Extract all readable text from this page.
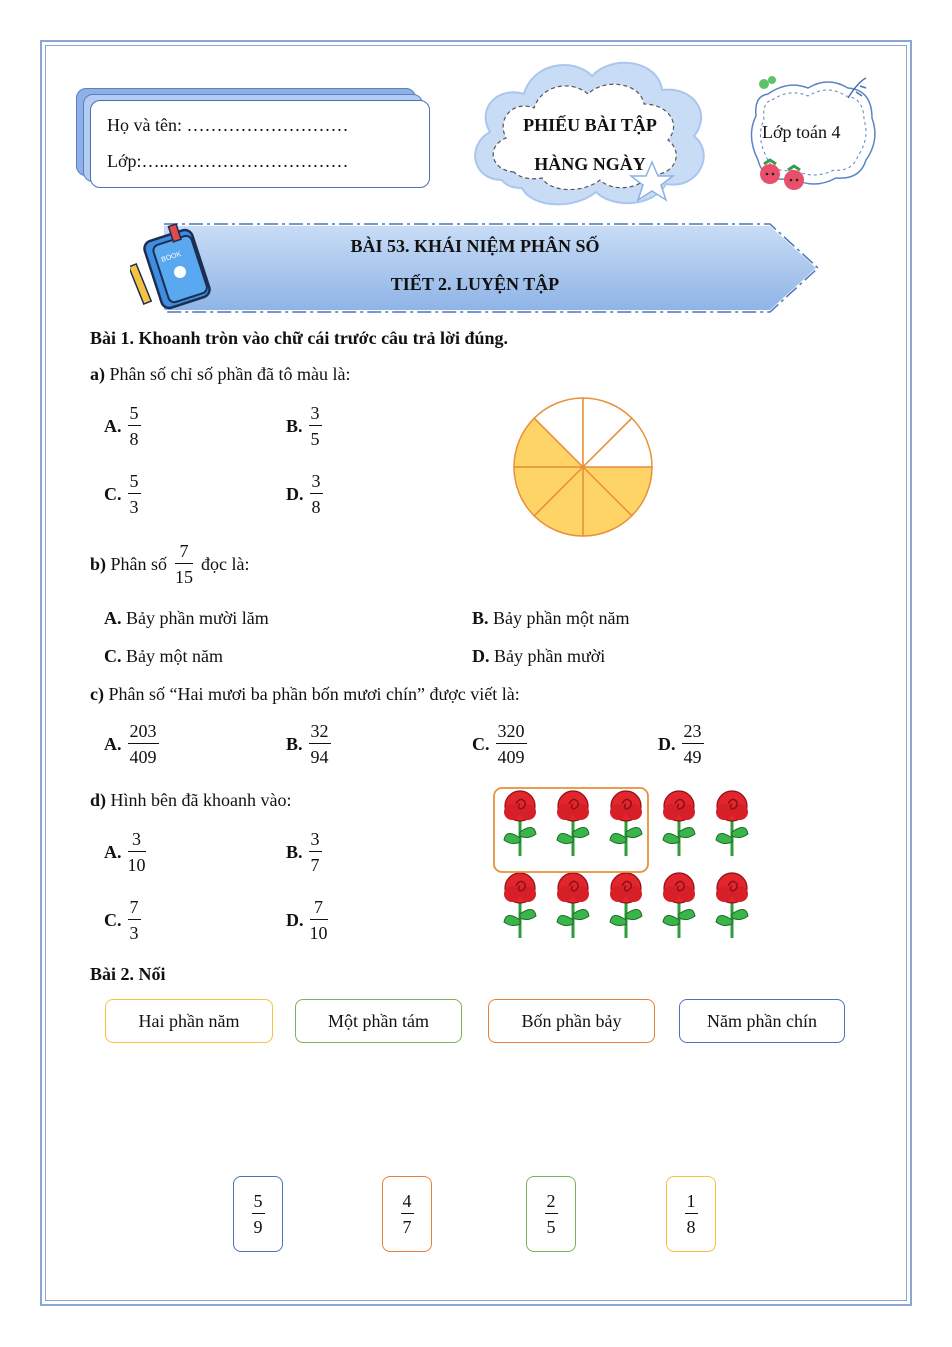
Họ và tên: ………………………
Lớp:…..…………………………
PHIẾU BÀI TẬP
HÀNG NGÀY
Lớp toán 4
BOOK
BÀI 53. KHÁI NIỆM PHÂN SỐ
TIẾT 2. LUYỆN TẬP
Bài 1. Khoanh tròn vào chữ cái trước câu trả lời đúng.
a) Phân số chỉ số phần đã tô màu là:
A. $\frac{5}{8}$	B. $\frac{3}{5}$
C. $\frac{5}{3}$	D. $\frac{3}{8}$
b) Phân số $\frac{7}{15}$ đọc là:
A. Bảy phần mười lăm	B. Bảy phần một năm
C. Bảy một năm	D. Bảy phần mười
c) Phân số “Hai mươi ba phần bốn mươi chín” được viết là:
A. $\frac{203}{409}$	B. $\frac{32}{94}$	C. $\frac{320}{409}$	D. $\frac{23}{49}$
d) Hình bên đã khoanh vào:
A. $\frac{3}{10}$	B. $\frac{3}{7}$
C. $\frac{7}{3}$	D. $\frac{7}{10}$
Bài 2. Nối
Hai phần năm	Một phần tám	Bốn phần bảy	Năm phần chín
$\frac{5}{9}$	$\frac{4}{7}$	$\frac{2}{5}$	$\frac{1}{8}$
